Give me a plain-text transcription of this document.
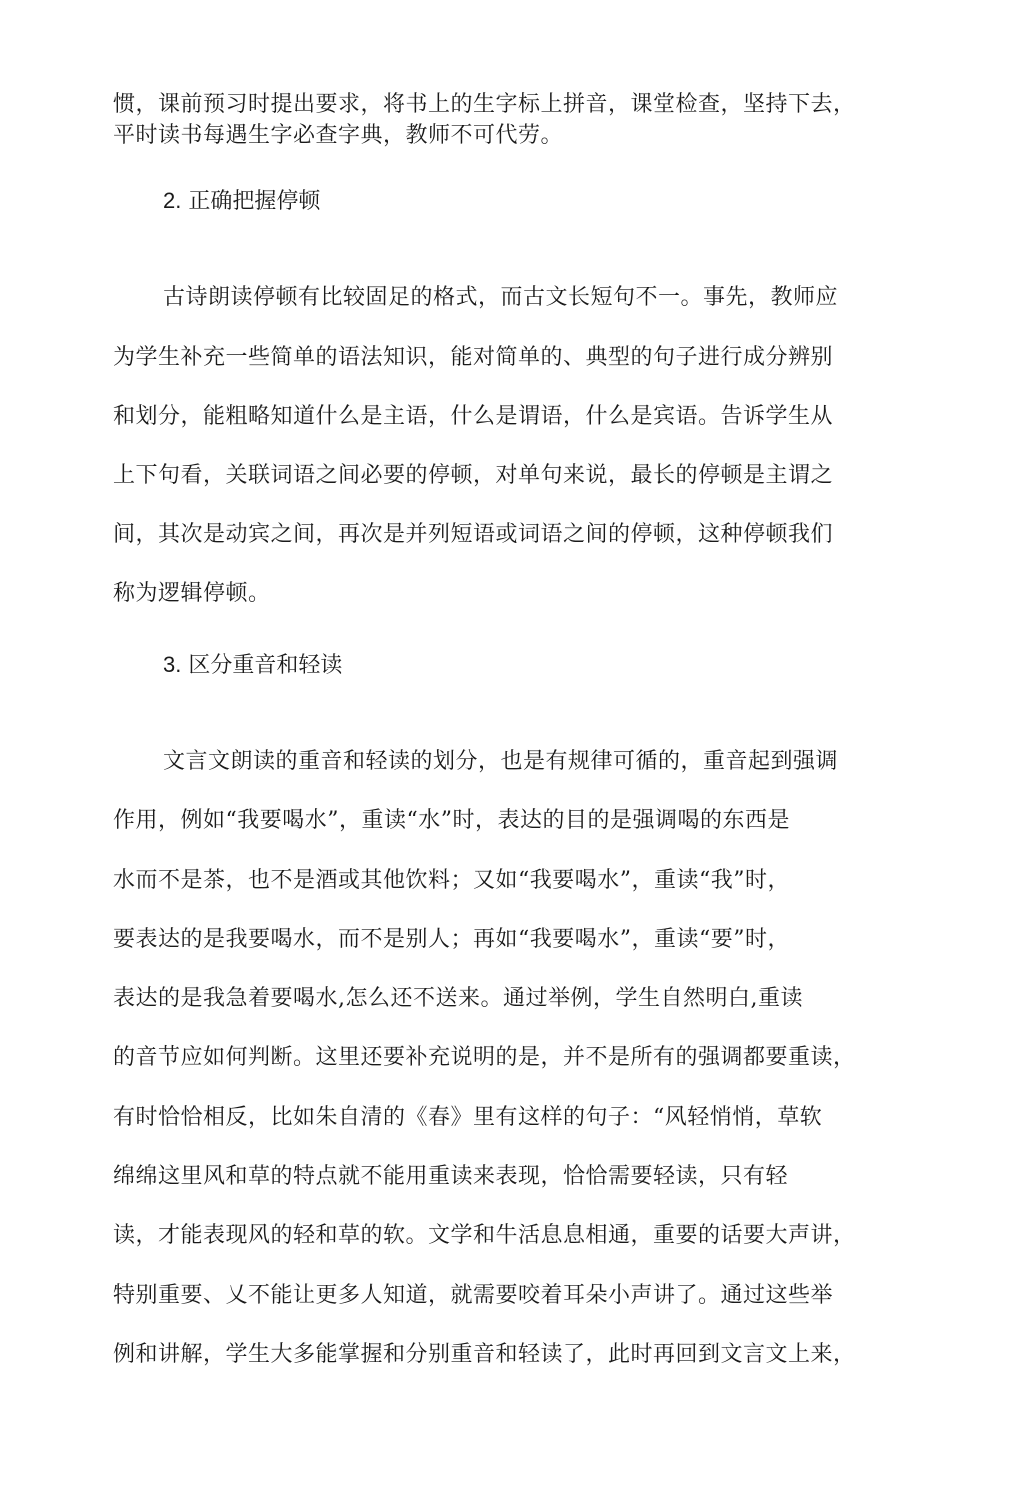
惯，课前预习时提出要求，将书上的生字标上拼音，课堂检查，坚持下去，
平时读书每遇生字必查字典，教师不可代劳。
2. 正确把握停顿
古诗朗读停顿有比较固足的格式，而古文长短句不一。事先，教师应
为学生补充一些简单的语法知识，能对简单的、典型的句子进行成分辨别
和划分，能粗略知道什么是主语，什么是谓语，什么是宾语。告诉学生从
上下句看，关联词语之间必要的停顿，对单句来说，最长的停顿是主谓之
间，其次是动宾之间，再次是并列短语或词语之间的停顿，这种停顿我们
称为逻辑停顿。
3. 区分重音和轻读
文言文朗读的重音和轻读的划分，也是有规律可循的，重音起到强调
作用，例如“我要喝水”，重读“水”时，表达的目的是强调喝的东西是
水而不是茶，也不是酒或其他饮料；又如“我要喝水”，重读“我”时，
要表达的是我要喝水，而不是别人；再如“我要喝水”，重读“要”时，
表达的是我急着要喝水,怎么还不送来。通过举例，学生自然明白,重读
的音节应如何判断。这里还要补充说明的是，并不是所有的强调都要重读，
有时恰恰相反，比如朱自清的《春》里有这样的句子：“风轻悄悄，草软
绵绵这里风和草的特点就不能用重读来表现，恰恰需要轻读，只有轻
读，才能表现风的轻和草的软。文学和牛活息息相通，重要的话要大声讲，
特别重要、乂不能让更多人知道，就需要咬着耳朵小声讲了。通过这些举
例和讲解，学生大多能掌握和分别重音和轻读了，此时再回到文言文上来，
